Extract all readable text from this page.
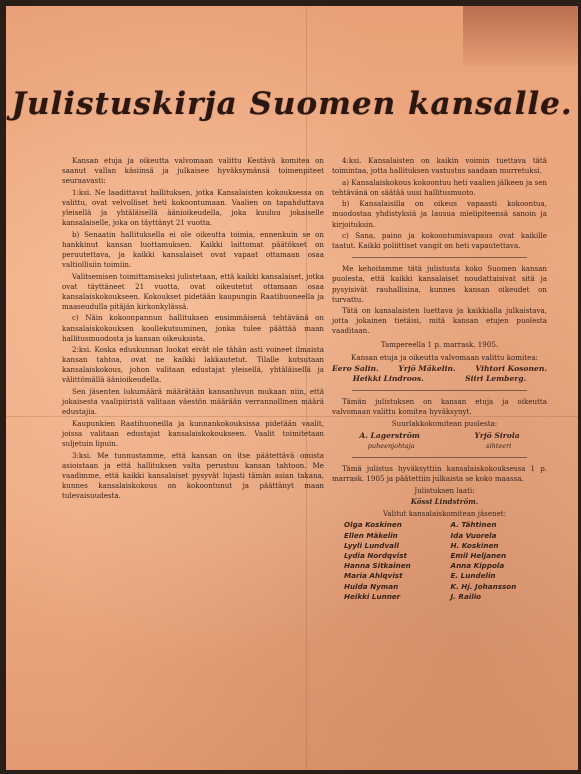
Julistuskirja Suomen kansalle.

Kansan etuja ja oikeutta valvomaan valittu Kestävä komitea on saanut vallan käsiinsä ja julkaisee hyväksymänsä toimenpiteet seuraavasti:

1:ksi. Ne laadittavat hallituksen, jotka Kansalaisten kokouksessa on valittu, ovat velvolliset heti kokoontumaan. Vaalien on tapahduttava yleisellä ja yhtäläisellä äänioikeudella, joka kuuluu jokaiselle kansalaiselle, joka on täyttänyt 21 vuotta.

b) Senaatin hallituksella ei ole oikeutta toimia, ennenkuin se on hankkinut kansan luottamuksen. Kaikki laittomat päätökset on peruutettava, ja kaikki kansalaiset ovat vapaat ottamaan osaa valtiollisiin toimiin.

Valitsemisen toimittamiseksi julistetaan, että kaikki kansalaiset, jotka ovat täyttäneet 21 vuotta, ovat oikeutetut ottamaan osaa kansalaiskokoukseen. Kokoukset pidetään kaupungin Raatihuoneella ja maaseudulla pitäjän kirkonkylässä.

c) Näin kokoonpannun hallituksen ensimmäisenä tehtävänä on kansalaiskokouksen koollekutsuminen, jonka tulee päättää maan hallitusmuodosta ja kansan oikeuksista.

2:ksi. Koska eduskunnan luokat eivät ole tähän asti voineet ilmaista kansan tahtoa, ovat ne kaikki lakkautetut. Tilalle kutsutaan kansalaiskokous, johon valitaan edustajat yleisellä, yhtäläisellä ja välittömällä äänioikeudella.

Sen jäsenten lukumäärä määrätään kansanluvun mukaan niin, että jokaisesta vaalipiiristä valitaan väestön määrään verrannollinen määrä edustajia.

Kaupunkien Raatihuoneilla ja kunnankokouksissa pidetään vaalit, joissa valitaan edustajat kansalaiskokoukseen. Vaalit toimitetaan suljetuin lipuin.

3:ksi. Me tunnustamme, että kansan on itse päätettävä omista asioistaan ja että hallituksen valta perustuu kansan tahtoon. Me vaadimme, että kaikki kansalaiset pysyvät lujasti tämän asian takana, kunnes kansalaiskokous on kokoontunut ja päättänyt maan tulevaisuudesta.

4:ksi. Kansalaisten on kaikin voimin tuettava tätä toimintaa, jotta hallituksen vastustus saadaan murretuksi.

a) Kansalaiskokous kokoontuu heti vaalien jälkeen ja sen tehtävänä on säätää uusi hallitusmuoto.

b) Kansalaisilla on oikeus vapaasti kokoontua, muodostaa yhdistyksiä ja lausua mielipiteensä sanoin ja kirjoituksin.

c) Sana, paino ja kokoontumisvapaus ovat kaikille taatut. Kaikki poliittiset vangit on heti vapautettava.

Me kehoitamme tätä julistusta koko Suomen kansan puolesta, että kaikki kansalaiset noudattaisivat sitä ja pysyisivät rauhallisina, kunnes kansan oikeudet on turvattu.

Tätä on kansalaisten luettava ja kaikkialla julkaistava, jotta jokainen tietäisi, mitä kansan etujen puolesta vaaditaan.

Tampereella 1 p. marrask. 1905.

Kansan etuja ja oikeutta valvomaan valittu komitea:

Eero Salin.	Yrjö Mäkelin.	Vihtori Kosonen.
Heikki Lindroos.	Siiri Lemberg.

Tämän julistuksen on kansan etuja ja oikeutta valvomaan valittu komitea hyväksynyt.

Suurlakkokomitean puolesta:

A. Lagerström	Yrjö Sirola
puheenjohtaja	sihteeri

Tämä julistus hyväksyttiin kansalaiskokouksessa 1 p. marrask. 1905 ja päätettiin julkaista se koko maassa.

Julistuksen laati:

Kössi Lindström.

Valitut kansalaiskomitean jäsenet:

Olga Koskinen	A. Tähtinen
Ellen Mäkelin	Ida Vuorela
Lyyli Lundvall	H. Koskinen
Lydia Nordqvist	Emil Heljanen
Hanna Sitkainen	Anna Kippola
Maria Ahlqvist	E. Lundelin
Hulda Nyman	K. Hj. Johansson
Heikki Lunner	J. Railio
